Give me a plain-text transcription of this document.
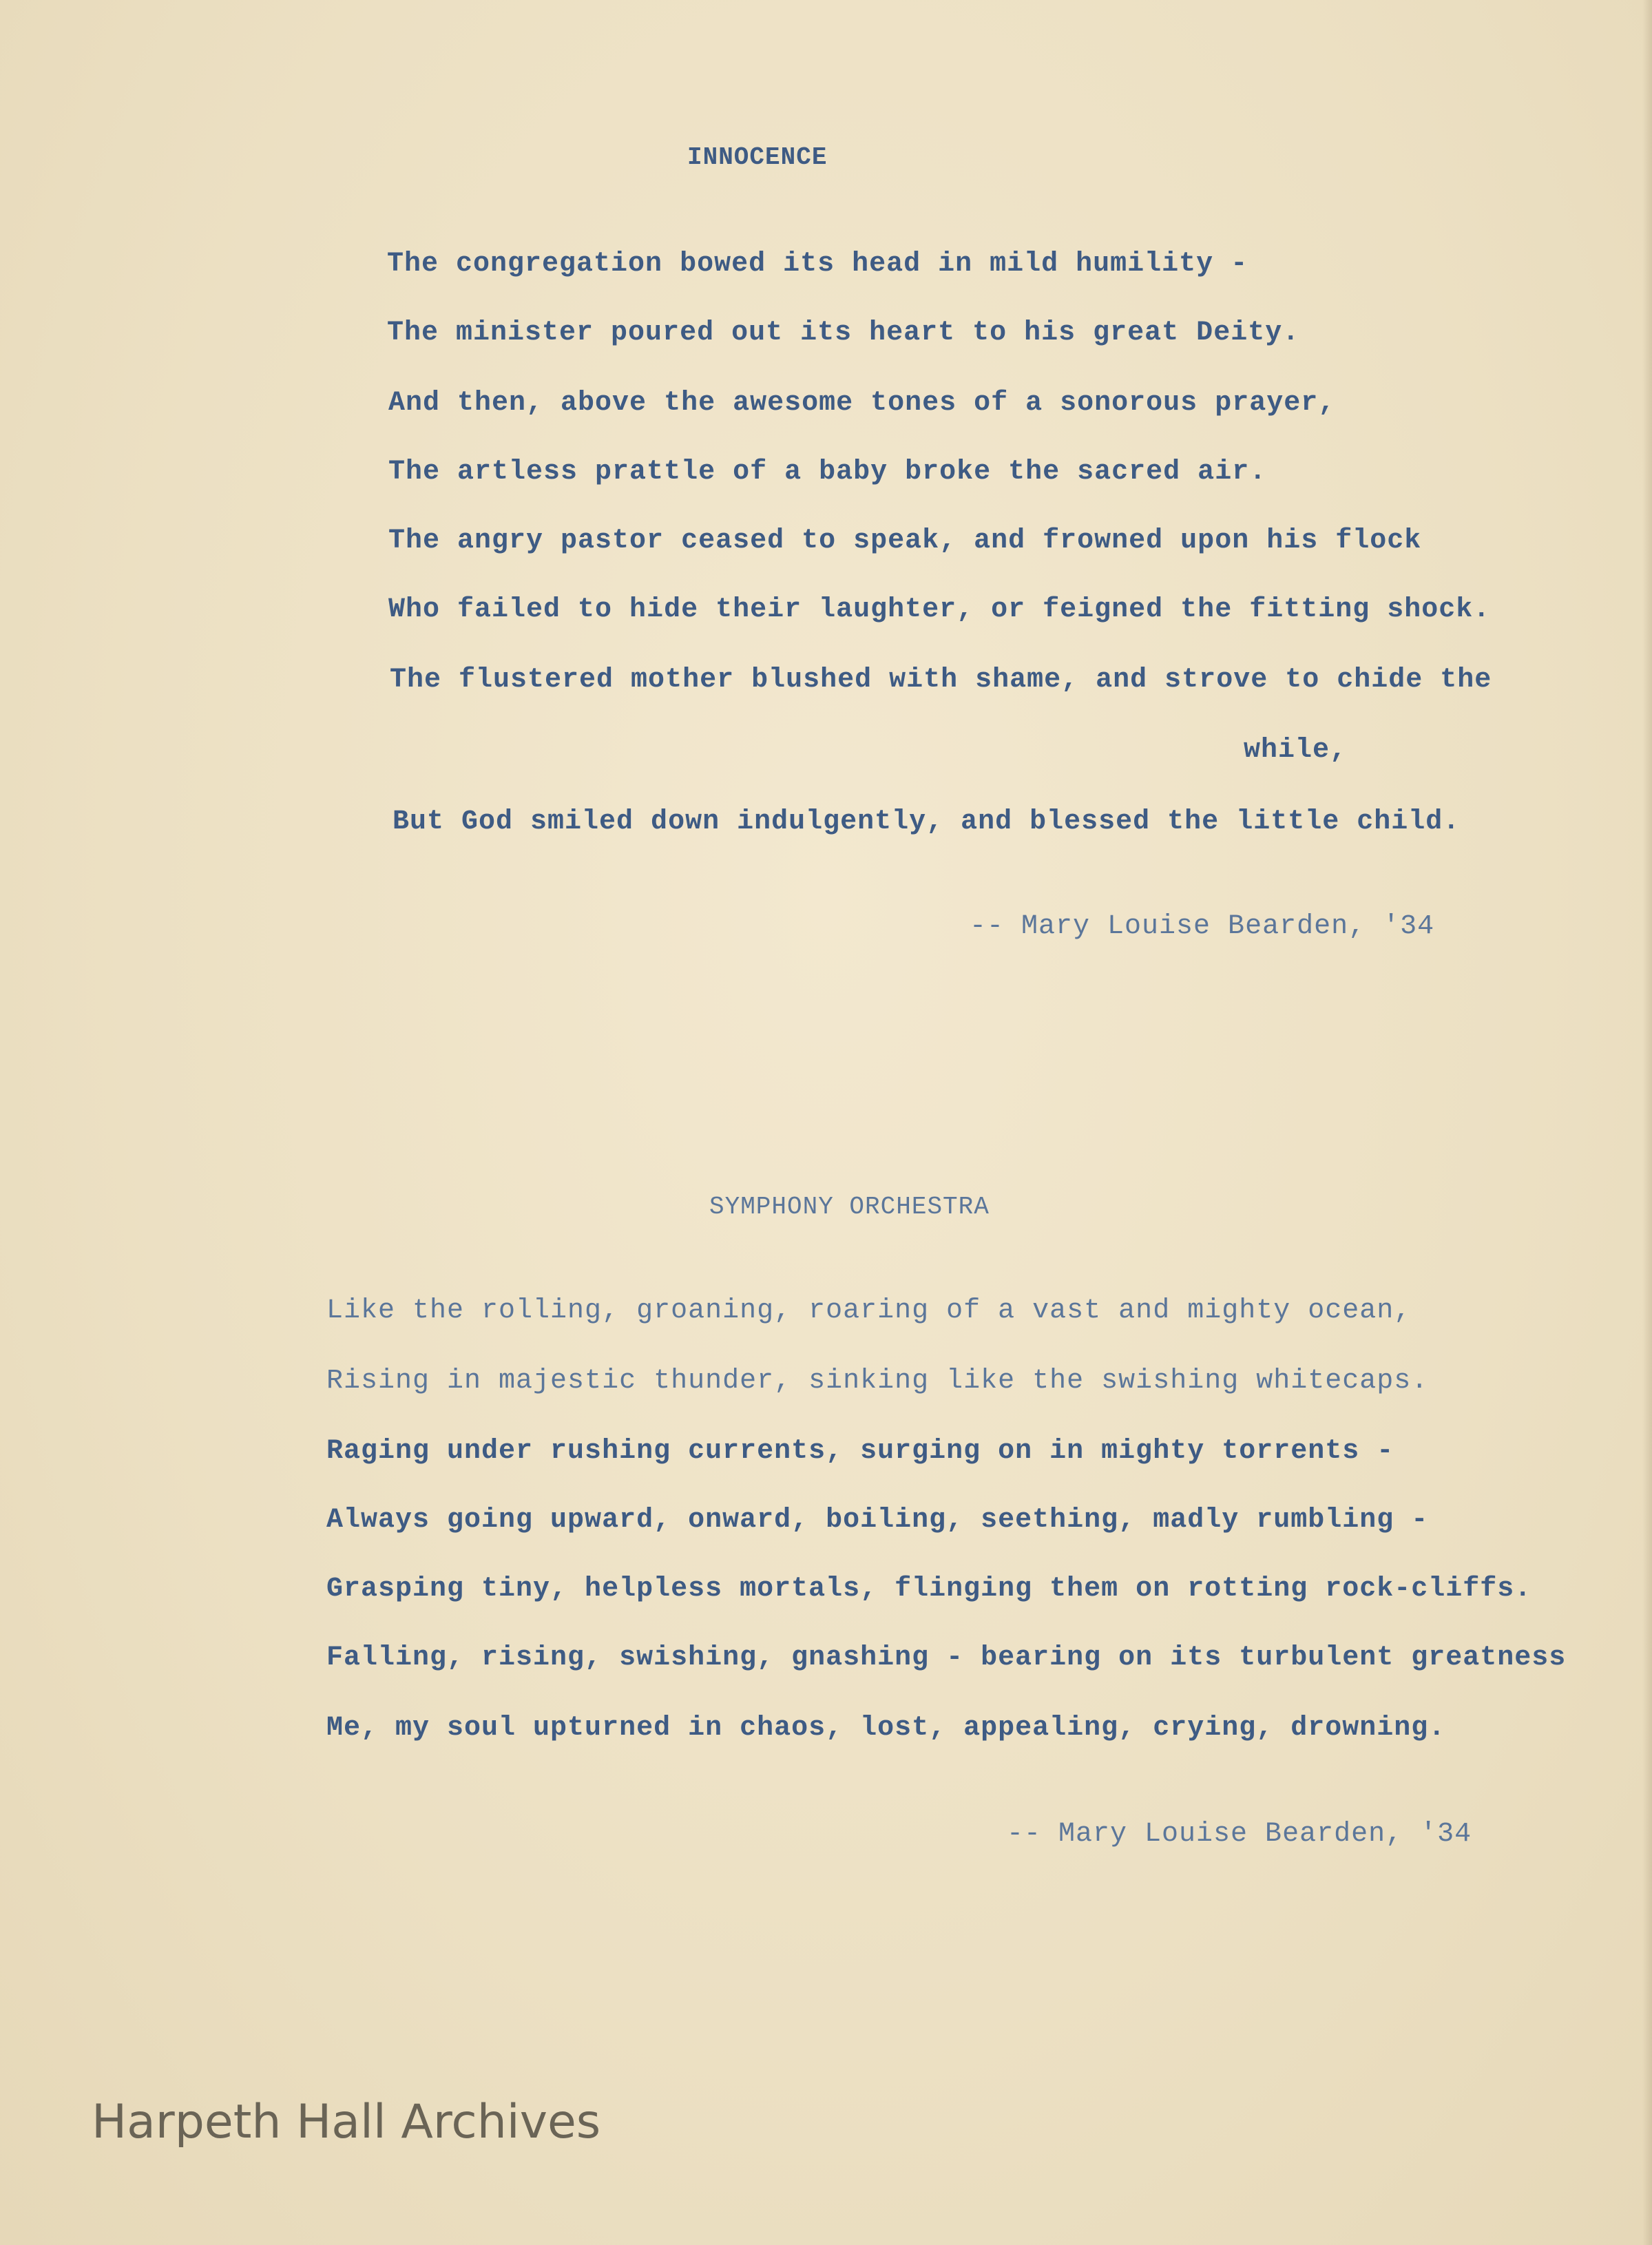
INNOCENCE
The congregation bowed its head in mild humility -
The minister poured out its heart to his great Deity.
And then, above the awesome tones of a sonorous prayer,
The artless prattle of a baby broke the sacred air.
The angry pastor ceased to speak, and frowned upon his flock
Who failed to hide their laughter, or feigned the fitting shock.
The flustered mother blushed with shame, and strove to chide the
while,
But God smiled down indulgently, and blessed the little child.
-- Mary Louise Bearden, '34
SYMPHONY ORCHESTRA
Like the rolling, groaning, roaring of a vast and mighty ocean,
Rising in majestic thunder, sinking like the swishing whitecaps.
Raging under rushing currents, surging on in mighty torrents -
Always going upward, onward, boiling, seething, madly rumbling -
Grasping tiny, helpless mortals, flinging them on rotting rock-cliffs.
Falling, rising, swishing, gnashing - bearing on its turbulent greatness
Me, my soul upturned in chaos, lost, appealing, crying, drowning.
-- Mary Louise Bearden, '34
Harpeth Hall Archives
